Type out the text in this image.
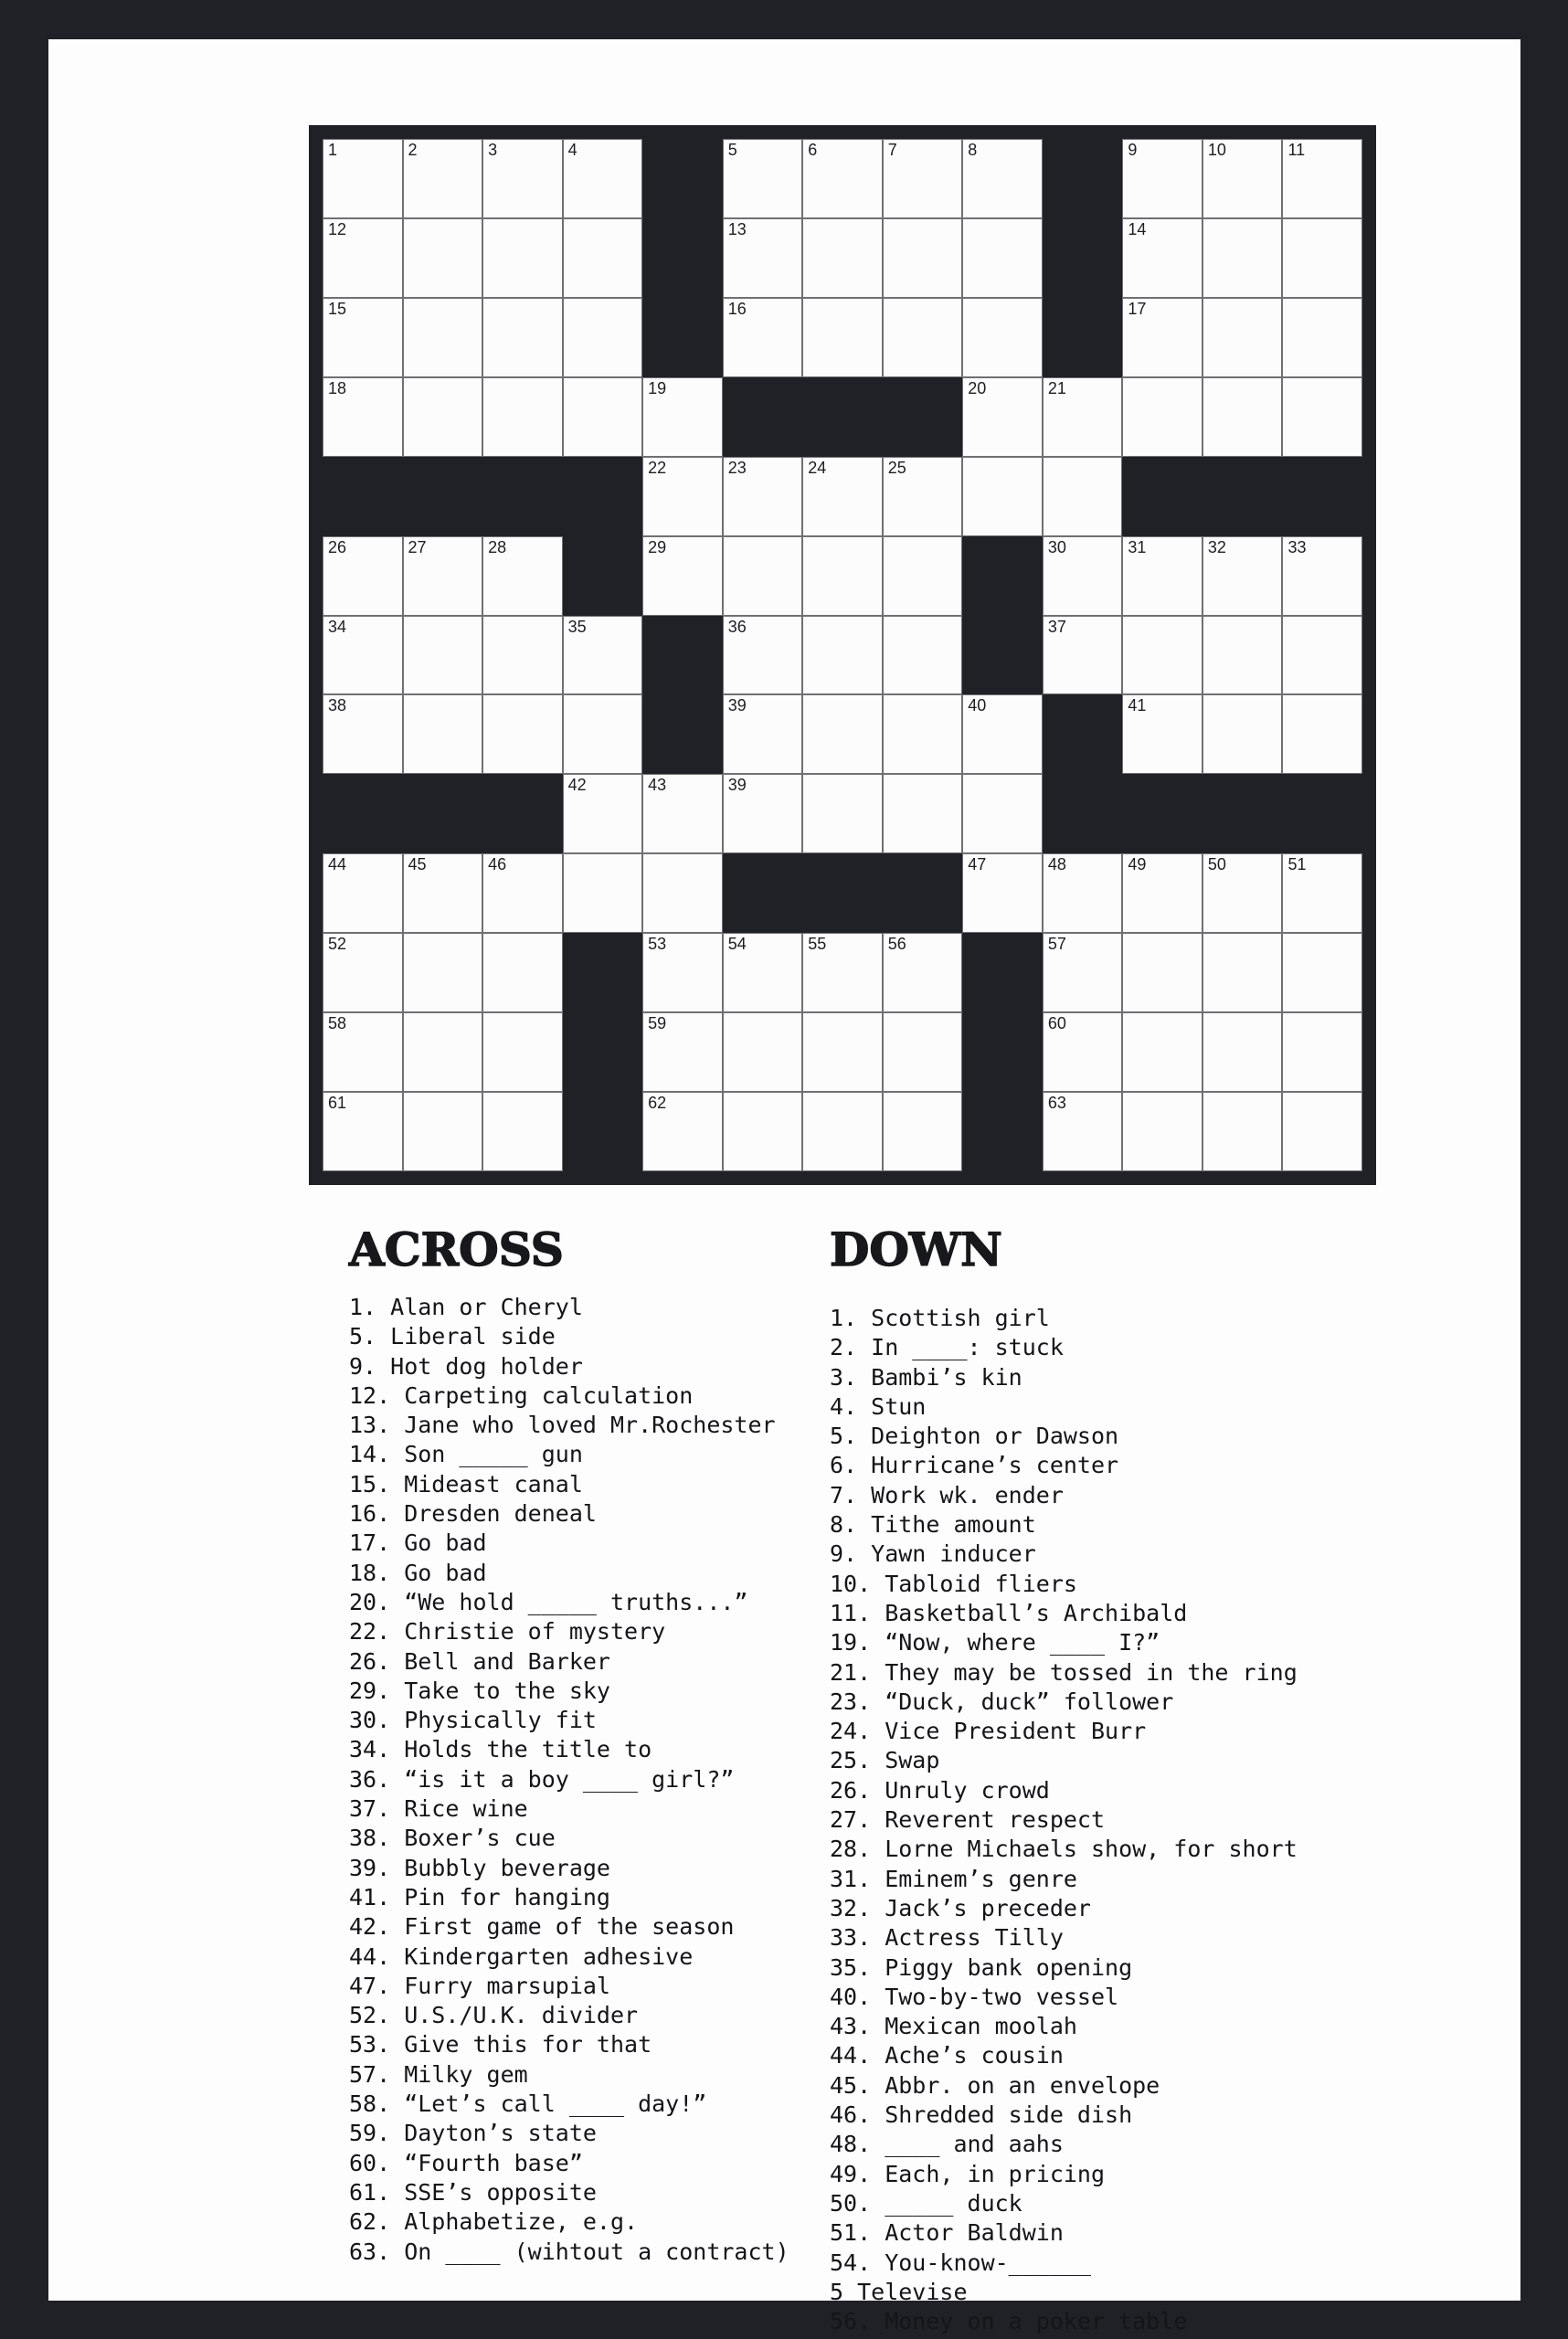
1	2	3	4	5	6	7	8	9	10	11
12	13	14
15	16	17
18	19	20	21
22	23	24	25
26	27	28	29	30	31	32	33
34	35	36	37
38	39	40	41
42	43	39
44	45	46	47	48	49	50	51
52	53	54	55	56	57
58	59	60
61	62	63
ACROSS
1. Alan or Cheryl
5. Liberal side
9. Hot dog holder
12. Carpeting calculation
13. Jane who loved Mr.Rochester
14. Son _____ gun
15. Mideast canal
16. Dresden deneal
17. Go bad
18. Go bad
20. “We hold _____ truths...”
22. Christie of mystery
26. Bell and Barker
29. Take to the sky
30. Physically fit
34. Holds the title to
36. “is it a boy ____ girl?”
37. Rice wine
38. Boxer’s cue
39. Bubbly beverage
41. Pin for hanging
42. First game of the season
44. Kindergarten adhesive
47. Furry marsupial
52. U.S./U.K. divider
53. Give this for that
57. Milky gem
58. “Let’s call ____ day!”
59. Dayton’s state
60. “Fourth base”
61. SSE’s opposite
62. Alphabetize, e.g.
63. On ____ (wihtout a contract)
DOWN
1. Scottish girl
2. In ____: stuck
3. Bambi’s kin
4. Stun
5. Deighton or Dawson
6. Hurricane’s center
7. Work wk. ender
8. Tithe amount
9. Yawn inducer
10. Tabloid fliers
11. Basketball’s Archibald
19. “Now, where ____ I?”
21. They may be tossed in the ring
23. “Duck, duck” follower
24. Vice President Burr
25. Swap
26. Unruly crowd
27. Reverent respect
28. Lorne Michaels show, for short
31. Eminem’s genre
32. Jack’s preceder
33. Actress Tilly
35. Piggy bank opening
40. Two-by-two vessel
43. Mexican moolah
44. Ache’s cousin
45. Abbr. on an envelope
46. Shredded side dish
48. ____ and aahs
49. Each, in pricing
50. _____ duck
51. Actor Baldwin
54. You-know-______
5 Televise
56. Money on a poker table
